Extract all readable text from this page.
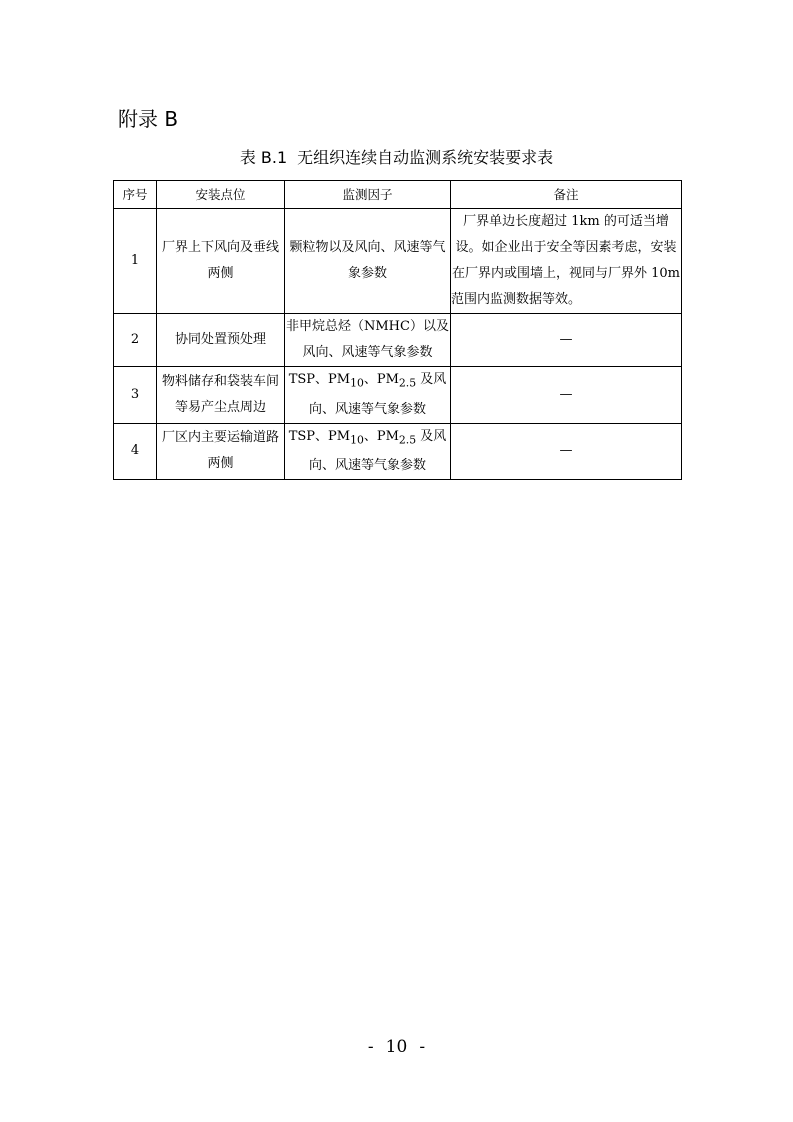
附录 B
表 B.1 无组织连续自动监测系统安装要求表
序号	安装点位	监测因子	备注
1	厂界上下风向及垂线两侧	颗粒物以及风向、风速等气象参数	厂界单边长度超过 1km 的可适当增设。如企业出于安全等因素考虑，安装在厂界内或围墙上，视同与厂界外 10m 范围内监测数据等效。
2	协同处置预处理	非甲烷总烃（NMHC）以及风向、风速等气象参数	—
3	物料储存和袋装车间等易产尘点周边	TSP、$PM_{10}$、$PM_{2.5}$ 及风向、风速等气象参数	—
4	厂区内主要运输道路两侧	TSP、$PM_{10}$、$PM_{2.5}$ 及风向、风速等气象参数	—
- 10 -
